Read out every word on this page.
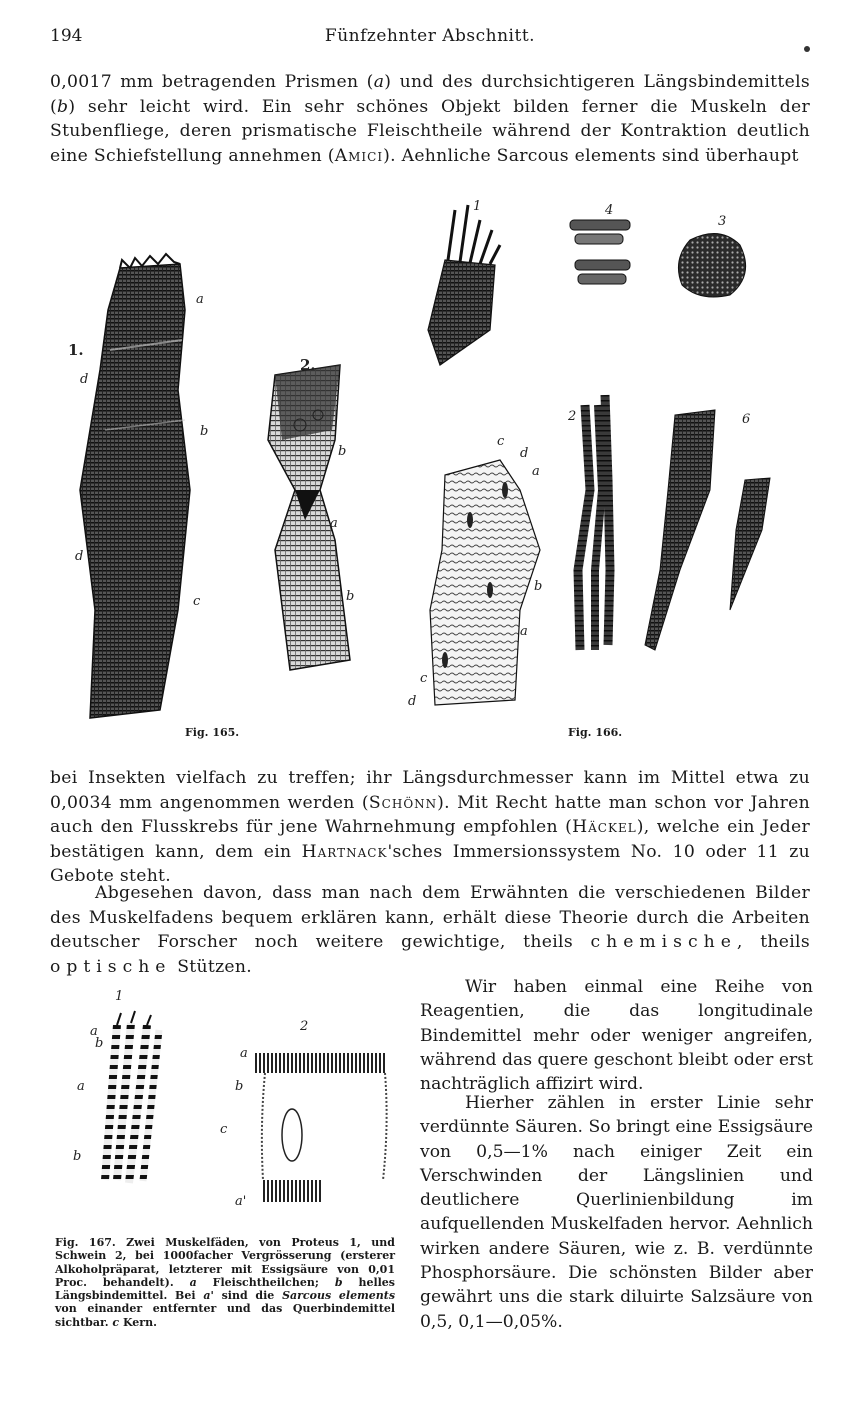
194	Fünfzehnter Abschnitt.

0,0017 mm betragenden Prismen (a) und des durchsichtigeren Längsbindemittels (b) sehr leicht wird. Ein sehr schönes Objekt bilden ferner die Muskeln der Stubenfliege, deren prismatische Fleischtheile während der Kontraktion deutlich eine Schiefstellung annehmen (Amici). Aehnliche Sarcous elements sind überhaupt

1.
2.
a
b
c
d
d
b
a
b
1	4
3
2	6
c
d
a
b
a
c
d
Fig. 165.	Fig. 166.

bei Insekten vielfach zu treffen; ihr Längsdurchmesser kann im Mittel etwa zu 0,0034 mm angenommen werden (Schönn). Mit Recht hatte man schon vor Jahren auch den Flusskrebs für jene Wahrnehmung empfohlen (Häckel), welche ein Jeder bestätigen kann, dem ein Hartnack'sches Immersionssystem No. 10 oder 11 zu Gebote steht.

Abgesehen davon, dass man nach dem Erwähnten die verschiedenen Bilder des Muskelfadens bequem erklären kann, erhält diese Theorie durch die Arbeiten deutscher Forscher noch weitere gewichtige, theils chemische, theils optische Stützen.

1
2
a
b
a
b
a
b
c
a'

Fig. 167. Zwei Muskelfäden, von Proteus 1, und Schwein 2, bei 1000facher Vergrösserung (ersterer Alkoholpräparat, letzterer mit Essigsäure von 0,01 Proc. behandelt). a Fleischtheilchen; b helles Längsbindemittel. Bei a' sind die Sarcous elements von einander entfernter und das Querbindemittel sichtbar. c Kern.

Wir haben einmal eine Reihe von Reagentien, die das longitudinale Bindemittel mehr oder weniger angreifen, während das quere geschont bleibt oder erst nachträglich affizirt wird.

Hierher zählen in erster Linie sehr verdünnte Säuren. So bringt eine Essigsäure von 0,5—1% nach einiger Zeit ein Verschwinden der Längslinien und deutlichere Querlinienbildung im aufquellenden Muskelfaden hervor. Aehnlich wirken andere Säuren, wie z. B. verdünnte Phosphorsäure. Die schönsten Bilder aber gewährt uns die stark diluirte Salzsäure von 0,5, 0,1—0,05%.
